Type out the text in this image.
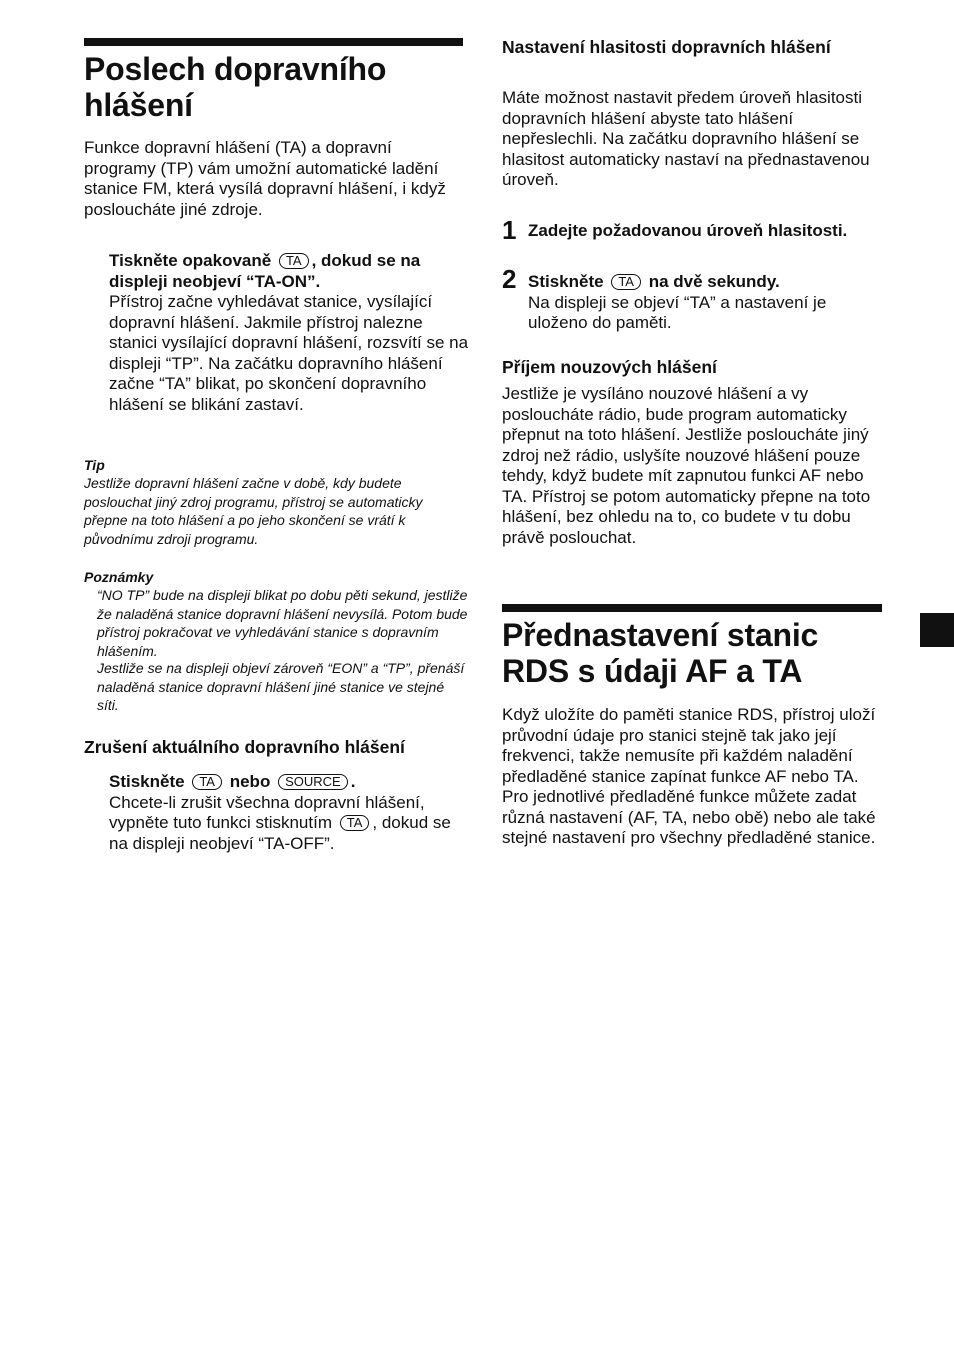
Poslech dopravního
hlášení

Funkce dopravní hlášení (TA) a dopravní programy (TP) vám umožní automatické ladění stanice FM, která vysílá dopravní hlášení, i když posloucháte jiné zdroje.

Tiskněte opakovaně TA , dokud se na displeji neobjeví “TA-ON”.

Přístroj začne vyhledávat stanice, vysílající dopravní hlášení. Jakmile přístroj nalezne stanici vysílající dopravní hlášení, rozsvítí se na displeji “TP”. Na začátku dopravního hlášení začne “TA” blikat, po skončení dopravního hlášení se blikání zastaví.

Tip

Jestliže dopravní hlášení začne v době, kdy budete poslouchat jiný zdroj programu, přístroj se automaticky přepne na toto hlášení a po jeho skončení se vrátí k původnímu zdroji programu.

Poznámky

“NO TP” bude na displeji blikat po dobu pěti sekund, jestliže že naladěná stanice dopravní hlášení nevysílá. Potom bude přístroj pokračovat ve vyhledávání stanice s dopravním hlášením.

Jestliže se na displeji objeví zároveň “EON” a “TP”, přenáší naladěná stanice dopravní hlášení jiné stanice ve stejné síti.

Zrušení aktuálního dopravního hlášení

Stiskněte TA nebo SOURCE .

Chcete-li zrušit všechna dopravní hlášení, vypněte tuto funkci stisknutím TA , dokud se na displeji neobjeví “TA-OFF”.

Nastavení hlasitosti dopravních hlášení

Máte možnost nastavit předem úroveň hlasitosti dopravních hlášení abyste tato hlášení nepřeslechli. Na začátku dopravního hlášení se hlasitost automaticky nastaví na přednastavenou úroveň.

1 Zadejte požadovanou úroveň hlasitosti.

2 Stiskněte TA na dvě sekundy.

Na displeji se objeví “TA” a nastavení je uloženo do paměti.

Příjem nouzových hlášení

Jestliže je vysíláno nouzové hlášení a vy posloucháte rádio, bude program automaticky přepnut na toto hlášení. Jestliže posloucháte jiný zdroj než rádio, uslyšíte nouzové hlášení pouze tehdy, když budete mít zapnutou funkci AF nebo TA. Přístroj se potom automaticky přepne na toto hlášení, bez ohledu na to, co budete v tu dobu právě poslouchat.

Přednastavení stanic
RDS s údaji AF a TA

Když uložíte do paměti stanice RDS, přístroj uloží průvodní údaje pro stanici stejně tak jako její frekvenci, takže nemusíte při každém naladění předladěné stanice zapínat funkce AF nebo TA. Pro jednotlivé předladěné funkce můžete zadat různá nastavení (AF, TA, nebo obě) nebo ale také stejné nastavení pro všechny předladěné stanice.
